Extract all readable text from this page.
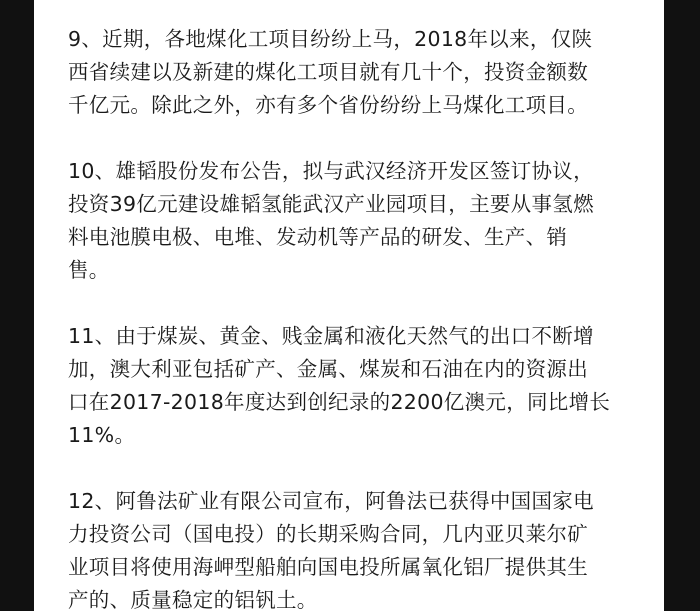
9、近期，各地煤化工项目纷纷上马，2018年以来，仅陕
西省续建以及新建的煤化工项目就有几十个，投资金额数
千亿元。除此之外，亦有多个省份纷纷上马煤化工项目。

10、雄韬股份发布公告，拟与武汉经济开发区签订协议，
投资39亿元建设雄韬氢能武汉产业园项目，主要从事氢燃
料电池膜电极、电堆、发动机等产品的研发、生产、销
售。

11、由于煤炭、黄金、贱金属和液化天然气的出口不断增
加，澳大利亚包括矿产、金属、煤炭和石油在内的资源出
口在2017-2018年度达到创纪录的2200亿澳元，同比增长
11%。

12、阿鲁法矿业有限公司宣布，阿鲁法已获得中国国家电
力投资公司（国电投）的长期采购合同，几内亚贝莱尔矿
业项目将使用海岬型船舶向国电投所属氧化铝厂提供其生
产的、质量稳定的铝钒土。
